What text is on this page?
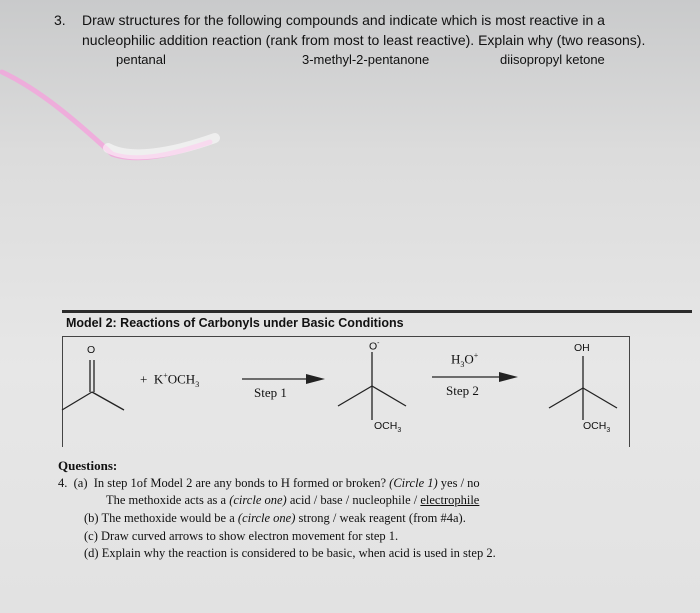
3. Draw structures for the following compounds and indicate which is most reactive in a
nucleophilic addition reaction (rank from most to least reactive). Explain why (two reasons).
pentanal	3-methyl-2-pentanone	diisopropyl ketone
Model 2: Reactions of Carbonyls under Basic Conditions
O
+ $K^+OCH_3$
Step 1
O-
$OCH_3$
$H_3O^+$
Step 2
OH
$OCH_3$
Questions:
4. (a) In step 1of Model 2 are any bonds to H formed or broken? (Circle 1) yes / no
The methoxide acts as a (circle one) acid / base / nucleophile / electrophile
(b) The methoxide would be a (circle one) strong / weak reagent (from #4a).
(c) Draw curved arrows to show electron movement for step 1.
(d) Explain why the reaction is considered to be basic, when acid is used in step 2.
